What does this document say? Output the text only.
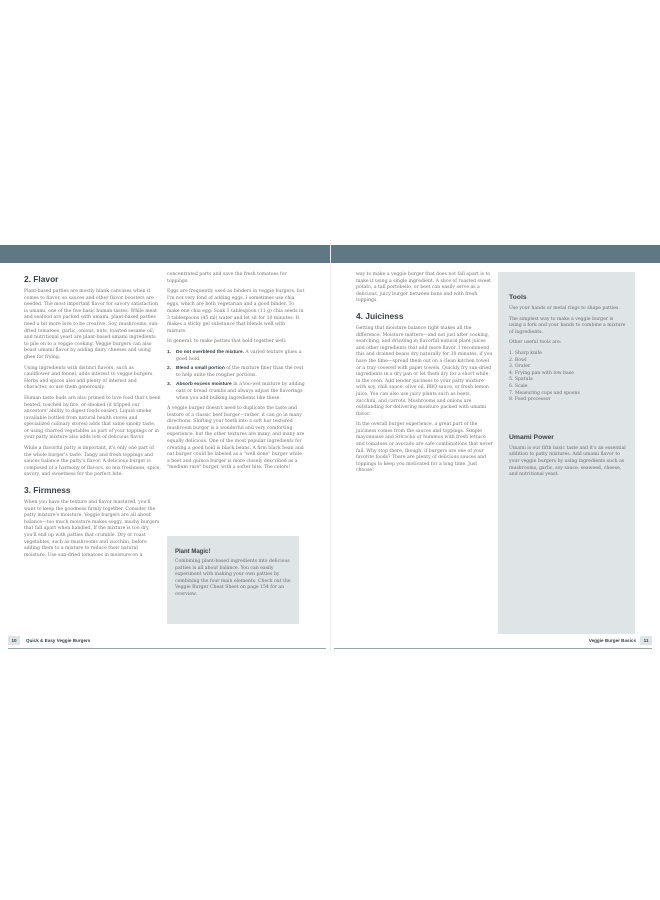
2. Flavor

Plant-based patties are mostly blank canvases when it comes to flavor, so sauces and other flavor boosters are needed. The most important flavor for savory satisfaction is umami, one of the five basic human tastes. While meat and seafood are packed with umami, plant-based patties need a bit more love to be creative. Soy, mushrooms, sun-dried tomatoes, garlic, onions, nuts, toasted sesame oil, and nutritional yeast are plant-based umami ingredients to pile on to a veggie cooking. Veggie burgers can also boast umami flavor by adding dairy cheeses and using ghee for frying.

Using ingredients with distinct flavors, such as cauliflower and fennel, adds interest to veggie burgers. Herbs and spices also add plenty of interest and character, so use them generously.

Human taste buds are also primed to love food that's been heated, touched by fire, or smoked (it tripped our ancestors' ability to digest foods easier). Liquid smoke (available bottled from natural health stores and specialized culinary stores) adds that same smoky taste, or using charred vegetables as part of your toppings or in your patty mixture also adds lots of delicious flavor.

While a flavorful patty is important, it's only one part of the whole burger's taste. Tangy and fresh toppings and sauces balance the patty's flavor. A delicious burger is composed of a harmony of flavors, so mix freshness, spice, savory, and sweetness for the perfect bite.

3. Firmness

When you have the texture and flavor mastered, you'll want to keep the goodness firmly together. Consider the patty mixture's moisture. Veggie burgers are all about balance—too much moisture makes soggy, mushy burgers that fall apart when handled. If the mixture is too dry, you'll end up with patties that crumble. Dry or roast vegetables, such as mushrooms and zucchini, before adding them to a mixture to reduce their natural moisture. Use sun-dried tomatoes in moisture on a

concentrated parts and save the fresh tomatoes for toppings.

Eggs are frequently used as binders in veggie burgers, but I'm not very fond of adding eggs. I sometimes use chia eggs, which are both vegetarian and a good binder. To make one chia egg: Soak 1 tablespoon (11 g) chia seeds in 3 tablespoons (45 ml) water and let sit for 10 minutes. It makes a sticky gel substance that blends well with mixture.

In general, to make patties that hold together well:

1. Do not overblend the mixture. A varied texture glues a good hold.
2. Blend a small portion of the mixture finer than the rest to help unite the rougher portions.
3. Absorb excess moisture in a too-wet mixture by adding oats or bread crumbs and always adjust the flavorings when you add bulking ingredients like these.

A veggie burger doesn't need to duplicate the taste and texture of a classic beef burger—rather, it can go in many directions. Shifting your teeth into a soft bar textured mushroom burger is a wonderful and very comforting experience, but the other textures are many, and many are equally delicious. One of the most popular ingredients for creating a good hold is black beans. A firm black bean and oat burger could be labeled as a "well done" burger while a beet and quinoa burger is more closely described as a "medium rare" burger, with a softer bite. The colors!

Plant Magic!
Combining plant-based ingredients into delicious patties is all about balance. You can easily experiment with making your own patties by combining the four main elements. Check out the Veggie Burger Cheat Sheet on page 154 for an overview.

way to make a veggie burger that does not fall apart is to make it using a single ingredient. A slice of roasted sweet potato, a tall portobello, or beet can easily serve as a delicious, juicy burger between buns and with fresh toppings.

4. Juiciness

Getting that moisture balance right makes all the difference. Moisture matters—and not just after cooking, searching, and drizzling in flavorful natural plant juices and other ingredients that add more flavor. I recommend this and drained beans dry naturally for 30 minutes, if you have the time—spread them out on a clean kitchen towel or a tray covered with paper towels. Quickly fry sun-dried ingredients in a dry pan or let them dry for a short while in the oven. Add tender juiciness to your patty mixture with soy, chili sauce, olive oil, BBQ sauce, or fresh lemon juice. You can also use juicy plants such as beets, zucchini, and carrots. Mushrooms and onions are outstanding for delivering moisture packed with umami flavor.

In the overall burger experience, a great part of the juiciness comes from the sauces and toppings. Simple mayonnaise and Sriracha or hummus with fresh lettuce and tomatoes or avocado are safe combinations that never fail. Why stop there, though, if burgers are one of your favorite foods? There are plenty of delicious sauces and toppings to keep you motivated for a long time. Just choose!

Tools

Use your hands or metal rings to shape patties.

The simplest way to make a veggie burger is using a fork and your hands to combine a mixture of ingredients.

Other useful tools are:

1. Sharp knife
2. Bowl
3. Grater
4. Frying pan with low base
5. Spatula
6. Scale
7. Measuring cups and spoons
8. Food processor
Umami Power

Umami is our fifth basic taste and it's an essential addition to patty mixtures. Add umami flavor to your veggie burgers by using ingredients such as mushrooms, garlic, soy sauce, seaweed, cheese, and nutritional yeast.

10 Quick & Easy Veggie Burgers	Veggie Burger Basics 11
